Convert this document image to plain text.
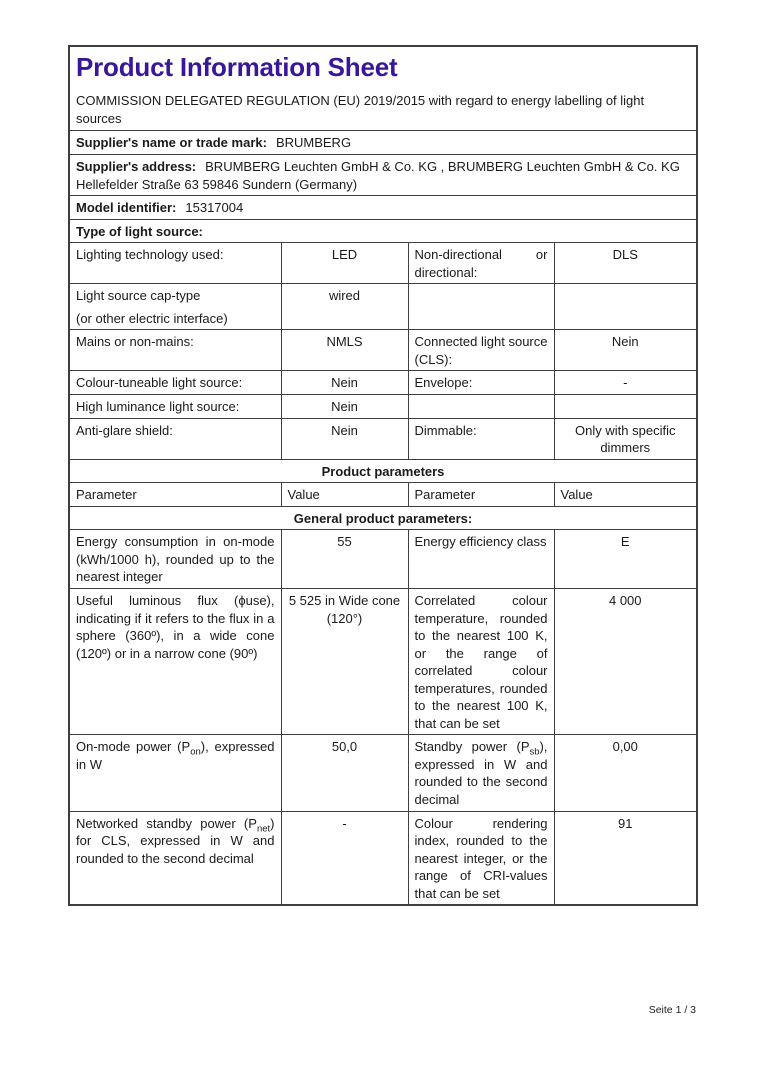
Product Information Sheet
COMMISSION DELEGATED REGULATION (EU) 2019/2015 with regard to energy labelling of light sources

Supplier's name or trade mark: BRUMBERG			
Supplier's address: BRUMBERG Leuchten GmbH & Co. KG , BRUMBERG Leuchten GmbH & Co. KG Hellefelder Straße 63 59846 Sundern (Germany)			
Model identifier: 15317004			
Type of light source:			
Lighting technology used:	LED	Non-directional or directional:	DLS
Light source cap-type
(or other electric interface)	wired		
Mains or non-mains:	NMLS	Connected light source (CLS):	Nein
Colour-tuneable light source:	Nein	Envelope:	-
High luminance light source:	Nein		
Anti-glare shield:	Nein	Dimmable:	Only with specific dimmers
Product parameters			
Parameter	Value	Parameter	Value
General product parameters:			
Energy consumption in on-mode (kWh/1000 h), rounded up to the nearest integer	55	Energy efficiency class	E
Useful luminous flux (ϕuse), indicating if it refers to the flux in a sphere (360º), in a wide cone (120º) or in a narrow cone (90º)	5 525 in Wide cone (120°)	Correlated colour temperature, rounded to the nearest 100 K, or the range of correlated colour temperatures, rounded to the nearest 100 K, that can be set	4 000
On-mode power $(P_{on})$, expressed in W	50,0	Standby power $(P_{sb})$, expressed in W and rounded to the second decimal	0,00
Networked standby power $(P_{net})$ for CLS, expressed in W and rounded to the second decimal	-	Colour rendering index, rounded to the nearest integer, or the range of CRI-values that can be set	91
Seite 1 / 3
